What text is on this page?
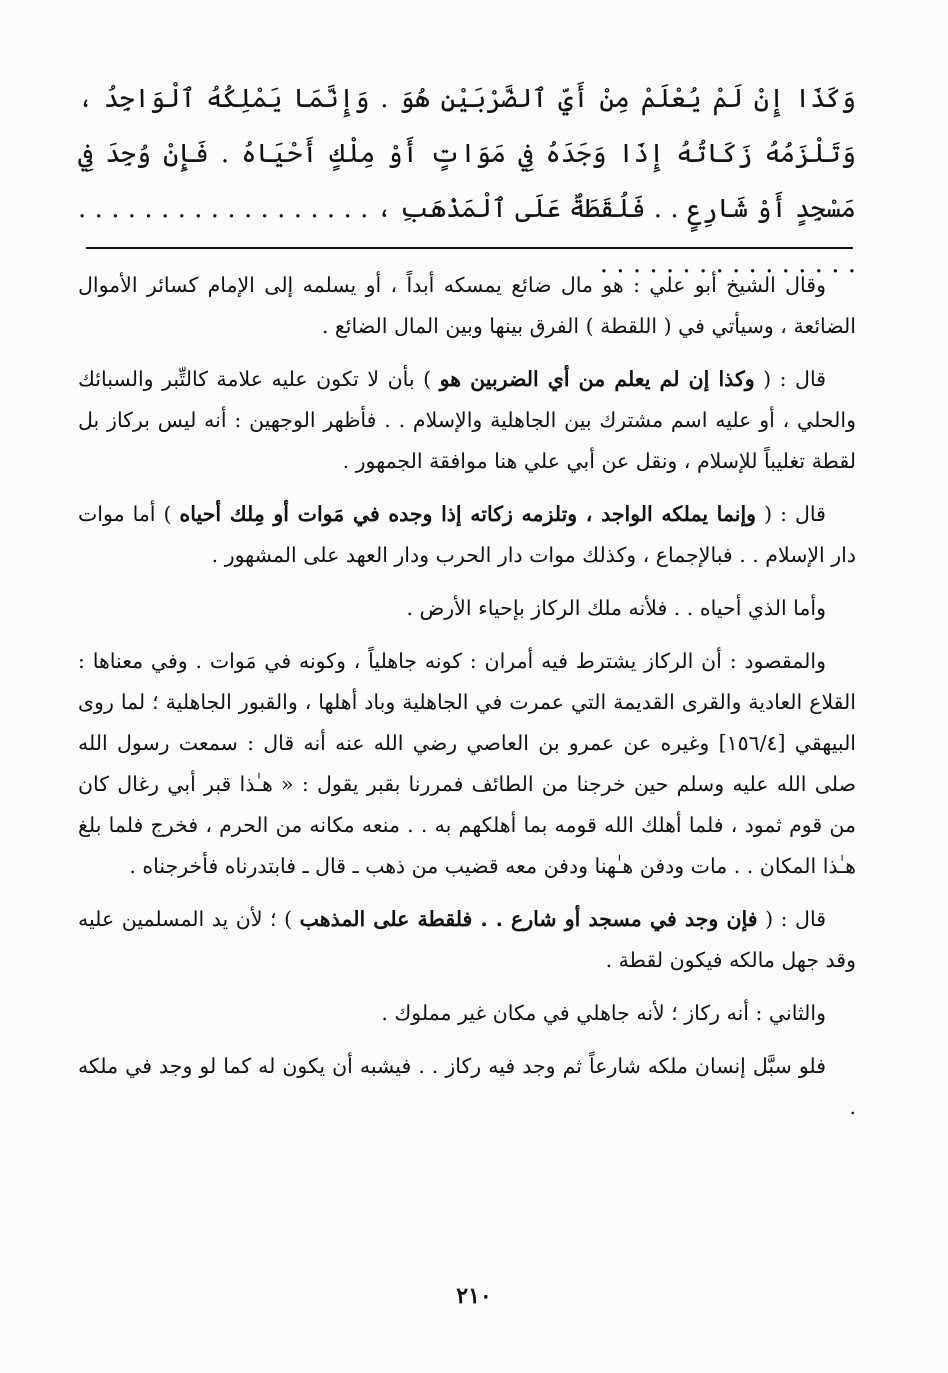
وَكَذَا إِنْ لَمْ يُعْلَمْ مِنْ أَيِّ ٱلضَّرْبَيْنِ هُوَ . وَإِنَّمَا يَمْلِكُهُ ٱلْوَاجِدُ ، وَتَلْزَمُهُ زَكَاتُهُ إِذَا وَجَدَهُ فِي مَوَاتٍ أَوْ مِلْكٍ أَحْيَاهُ . فَإِنْ وُجِدَ فِي مَسْجِدٍ أَوْ شَارِعٍ . . فَلُقَطَةٌ عَلَى ٱلْمَذْهَبِ ، . . . . . . . . . . . . . . . . . . . . . . . . . . . . . . . . . .

وقال الشيخ أبو علي : هو مال ضائع يمسكه أبداً ، أو يسلمه إلى الإمام كسائر الأموال الضائعة ، وسيأتي في ( اللقطة ) الفرق بينها وبين المال الضائع .

قال : ( وكذا إن لم يعلم من أي الضربين هو ) بأن لا تكون عليه علامة كالتِّبر والسبائك والحلي ، أو عليه اسم مشترك بين الجاهلية والإسلام . . فأظهر الوجهين : أنه ليس بركاز بل لقطة تغليباً للإسلام ، ونقل عن أبي علي هنا موافقة الجمهور .

قال : ( وإنما يملكه الواجد ، وتلزمه زكاته إذا وجده في مَوات أو مِلك أحياه ) أما موات دار الإسلام . . فبالإجماع ، وكذلك موات دار الحرب ودار العهد على المشهور .

وأما الذي أحياه . . فلأنه ملك الركاز بإحياء الأرض .

والمقصود : أن الركاز يشترط فيه أمران : كونه جاهلياً ، وكونه في مَوات . وفي معناها : القلاع العادية والقرى القديمة التي عمرت في الجاهلية وباد أهلها ، والقبور الجاهلية ؛ لما روى البيهقي [١٥٦/٤] وغيره عن عمرو بن العاصي رضي الله عنه أنه قال : سمعت رسول الله صلى الله عليه وسلم حين خرجنا من الطائف فمررنا بقبر يقول : « هـٰذا قبر أبي رغال كان من قوم ثمود ، فلما أهلك الله قومه بما أهلكهم به . . منعه مكانه من الحرم ، فخرج فلما بلغ هـٰذا المكان . . مات ودفن هـٰهنا ودفن معه قضيب من ذهب ـ قال ـ فابتدرناه فأخرجناه .

قال : ( فإن وجد في مسجد أو شارع . . فلقطة على المذهب ) ؛ لأن يد المسلمين عليه وقد جهل مالكه فيكون لقطة .

والثاني : أنه ركاز ؛ لأنه جاهلي في مكان غير مملوك .

فلو سبَّل إنسان ملكه شارعاً ثم وجد فيه ركاز . . فيشبه أن يكون له كما لو وجد في ملكه .

٢١٠
